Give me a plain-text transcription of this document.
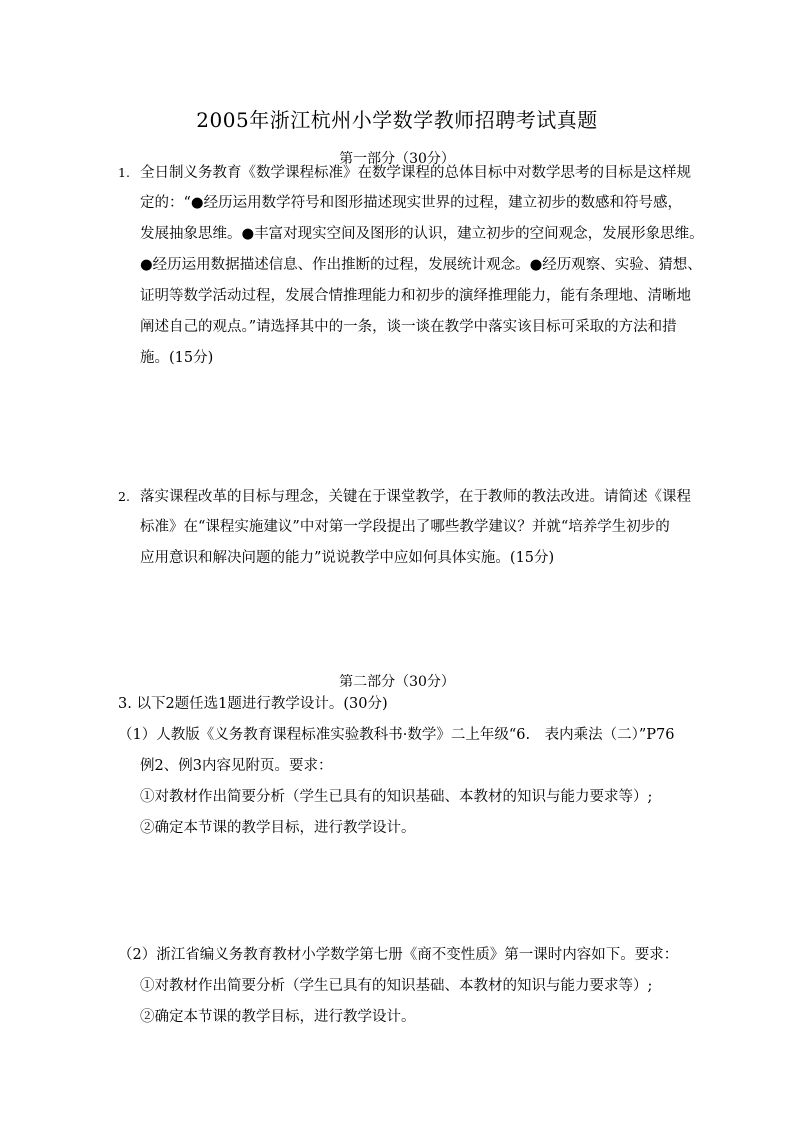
2005年浙江杭州小学数学教师招聘考试真题
第一部分（30分）
1. 全日制义务教育《数学课程标准》在数学课程的总体目标中对数学思考的目标是这样规
定的：“●经历运用数学符号和图形描述现实世界的过程，建立初步的数感和符号感，
发展抽象思维。●丰富对现实空间及图形的认识，建立初步的空间观念，发展形象思维。
●经历运用数据描述信息、作出推断的过程，发展统计观念。●经历观察、实验、猜想、
证明等数学活动过程，发展合情推理能力和初步的演绎推理能力，能有条理地、清晰地
阐述自己的观点。”请选择其中的一条，谈一谈在教学中落实该目标可采取的方法和措
施。(15分)
2. 落实课程改革的目标与理念，关键在于课堂教学，在于教师的教法改进。请简述《课程
标准》在“课程实施建议”中对第一学段提出了哪些教学建议？并就“培养学生初步的
应用意识和解决问题的能力”说说教学中应如何具体实施。(15分)
第二部分（30分）
3. 以下2题任选1题进行教学设计。(30分)
（1）人教版《义务教育课程标准实验教科书·数学》二上年级“6.　表内乘法（二）”P76
例2、例3内容见附页。要求：
①对教材作出简要分析（学生已具有的知识基础、本教材的知识与能力要求等）;
②确定本节课的教学目标，进行教学设计。
（2）浙江省编义务教育教材小学数学第七册《商不变性质》第一课时内容如下。要求：
①对教材作出简要分析（学生已具有的知识基础、本教材的知识与能力要求等）;
②确定本节课的教学目标，进行教学设计。
